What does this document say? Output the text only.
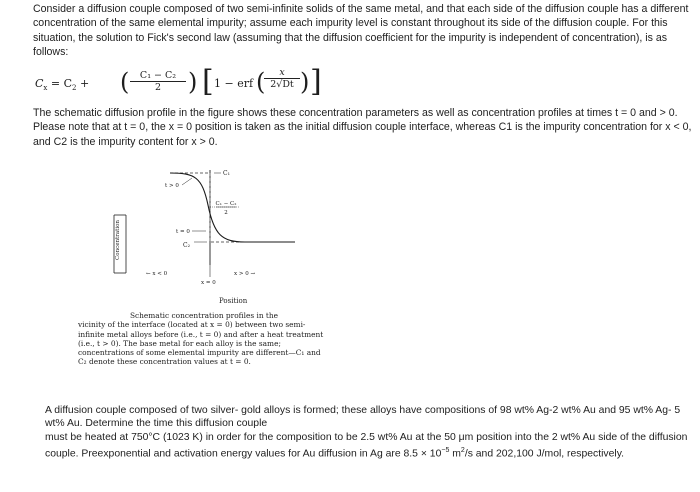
Consider a diffusion couple composed of two semi-infinite solids of the same metal, and that each side of the diffusion couple has a different concentration of the same elemental impurity; assume each impurity level is constant throughout its side of the diffusion couple. For this situation, the solution to Fick's second law (assuming that the diffusion coefficient for the impurity is independent of concentration), is as follows:

$C_x = C_2$ + ( $\frac{\text{C₁ − C₂}}{2}$ ) [ 1 − erf (
$\frac{x}{2√Dt}$ ) ]

The schematic diffusion profile in the figure shows these concentration parameters as well as concentration profiles at times t = 0 and > 0. Please note that at t = 0, the x = 0 position is taken as the initial diffusion couple interface, whereas C1 is the impurity concentration for x < 0, and C2 is the impurity content for x > 0.

Concentration
t > 0
C₁
C₁ − C₂
2
t = 0
C₂
← x < 0	x > 0 →
x = 0
Position

Schematic concentration profiles in the
vicinity of the interface (located at x = 0) between two semi-infinite metal alloys before (i.e., t = 0) and after a heat treatment (i.e., t > 0). The base metal for each alloy is the same; concentrations of some elemental impurity are different—C₁ and C₂ denote these concentration values at t = 0.

A diffusion couple composed of two silver- gold alloys is formed; these alloys have compositions of 98 wt% Ag-2 wt% Au and 95 wt% Ag- 5 wt% Au. Determine the time this diffusion couple
must be heated at 750°C (1023 K) in order for the composition to be 2.5 wt% Au at the 50 μm position into the 2 wt% Au side of the diffusion couple. Preexponential and activation energy values for Au diffusion in Ag are $8.5 \times 10^{-5}$ $m^2/s$ and 202,100 J/mol, respectively.
